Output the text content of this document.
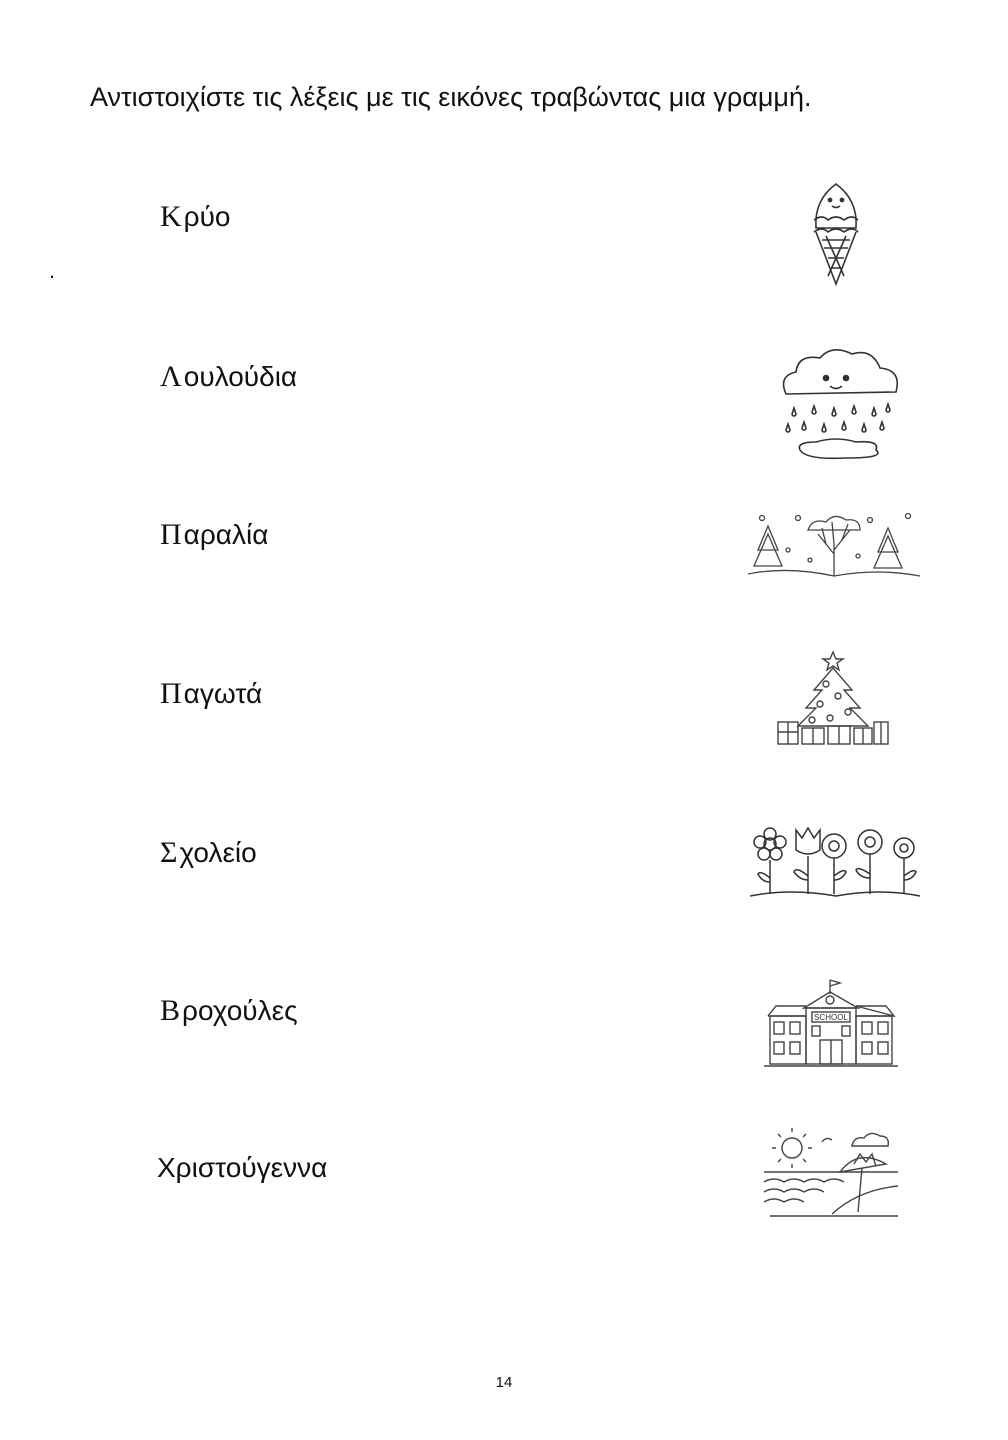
Αντιστοιχίστε τις λέξεις με τις εικόνες τραβώντας μια γραμμή.
.
Κρύο
Λουλούδια
Παραλία
Παγωτά
Σχολείο
Βροχούλες
Χριστούγεννα
SCHOOL
14
